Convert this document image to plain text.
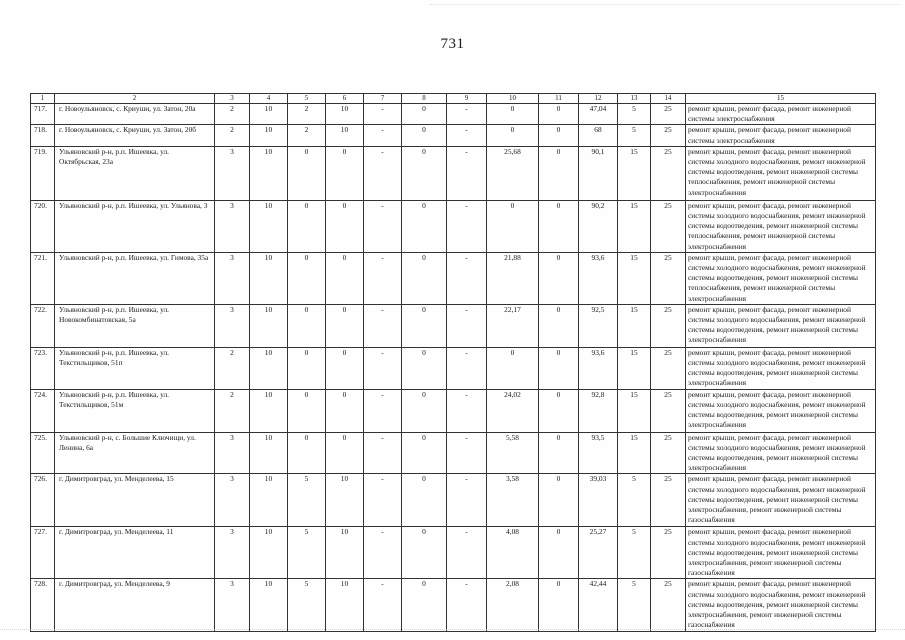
731
1	2	3	4	5	6	7	8	9	10	11	12	13	14	15
717.	г. Новоульяновск, с. Криуши, ул. Затон, 20а	2	10	2	10	-	0	-	0	0	47,04	5	25	ремонт крыши, ремонт фасада, ремонт инженерной системы электроснабжения
718.	г. Новоульяновск, с. Криуши, ул. Затон, 20б	2	10	2	10	-	0	-	0	0	68	5	25	ремонт крыши, ремонт фасада, ремонт инженерной системы электроснабжения
719.	Ульяновский р-н, р.п. Ишеевка, ул. Октябрьская, 23а	3	10	0	0	-	0	-	25,68	0	90,1	15	25	ремонт крыши, ремонт фасада, ремонт инженерной системы холодного водоснабжения, ремонт инженерной системы водоотведения, ремонт инженерной системы теплоснабжения, ремонт инженерной системы электроснабжения
720.	Ульяновский р-н, р.п. Ишеевка, ул. Ульянова, 3	3	10	0	0	-	0	-	0	0	90,2	15	25	ремонт крыши, ремонт фасада, ремонт инженерной системы холодного водоснабжения, ремонт инженерной системы водоотведения, ремонт инженерной системы теплоснабжения, ремонт инженерной системы электроснабжения
721.	Ульяновский р-н, р.п. Ишеевка, ул. Гимова, 35а	3	10	0	0	-	0	-	21,88	0	93,6	15	25	ремонт крыши, ремонт фасада, ремонт инженерной системы холодного водоснабжения, ремонт инженерной системы водоотведения, ремонт инженерной системы теплоснабжения, ремонт инженерной системы электроснабжения
722.	Ульяновский р-н, р.п. Ишеевка, ул. Новокомбинатовская, 5а	3	10	0	0	-	0	-	22,17	0	92,5	15	25	ремонт крыши, ремонт фасада, ремонт инженерной системы холодного водоснабжения, ремонт инженерной системы водоотведения, ремонт инженерной системы электроснабжения
723.	Ульяновский р-н, р.п. Ишеевка, ул. Текстильщиков, 51п	2	10	0	0	-	0	-	0	0	93,6	15	25	ремонт крыши, ремонт фасада, ремонт инженерной системы холодного водоснабжения, ремонт инженерной системы водоотведения, ремонт инженерной системы электроснабжения
724.	Ульяновский р-н, р.п. Ишеевка, ул. Текстильщиков, 51м	2	10	0	0	-	0	-	24,02	0	92,8	15	25	ремонт крыши, ремонт фасада, ремонт инженерной системы холодного водоснабжения, ремонт инженерной системы водоотведения, ремонт инженерной системы электроснабжения
725.	Ульяновский р-н, с. Большие Ключищи, ул. Ленина, 6а	3	10	0	0	-	0	-	5,58	0	93,5	15	25	ремонт крыши, ремонт фасада, ремонт инженерной системы холодного водоснабжения, ремонт инженерной системы водоотведения, ремонт инженерной системы электроснабжения
726.	г. Димитровград, ул. Менделеева, 15	3	10	5	10	-	0	-	3,58	0	39,03	5	25	ремонт крыши, ремонт фасада, ремонт инженерной системы холодного водоснабжения, ремонт инженерной системы водоотведения, ремонт инженерной системы электроснабжения, ремонт инженерной системы газоснабжения
727.	г. Димитровград, ул. Менделеева, 11	3	10	5	10	-	0	-	4,08	0	25,27	5	25	ремонт крыши, ремонт фасада, ремонт инженерной системы холодного водоснабжения, ремонт инженерной системы водоотведения, ремонт инженерной системы электроснабжения, ремонт инженерной системы газоснабжения
728.	г. Димитровград, ул. Менделеева, 9	3	10	5	10	-	0	-	2,08	0	42,44	5	25	ремонт крыши, ремонт фасада, ремонт инженерной системы холодного водоснабжения, ремонт инженерной системы водоотведения, ремонт инженерной системы электроснабжения, ремонт инженерной системы газоснабжения
